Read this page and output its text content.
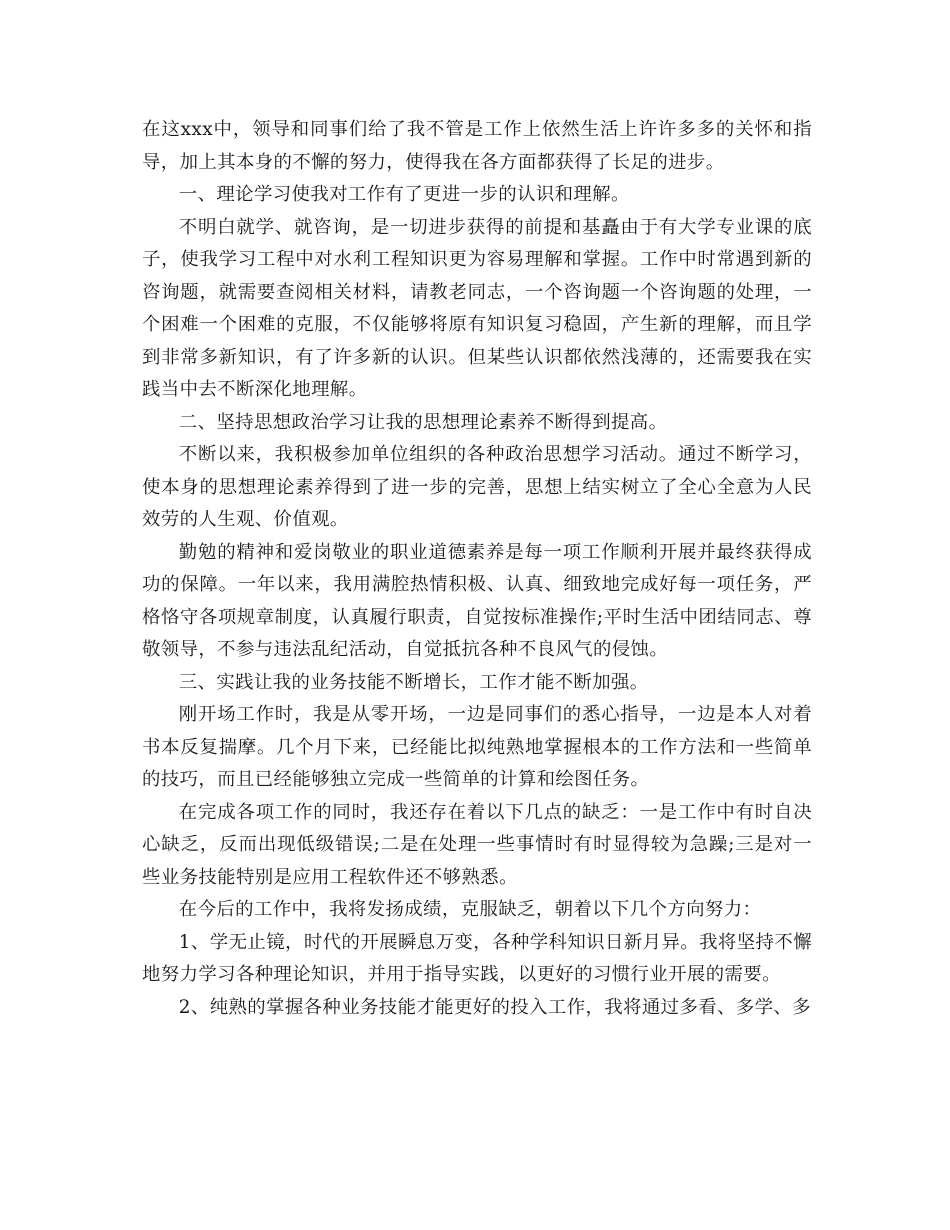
在这xxx中，领导和同事们给了我不管是工作上依然生活上许许多多的关怀和指导，加上其本身的不懈的努力，使得我在各方面都获得了长足的进步。

一、理论学习使我对工作有了更进一步的认识和理解。

不明白就学、就咨询，是一切进步获得的前提和基矗由于有大学专业课的底子，使我学习工程中对水利工程知识更为容易理解和掌握。工作中时常遇到新的咨询题，就需要查阅相关材料，请教老同志，一个咨询题一个咨询题的处理，一个困难一个困难的克服，不仅能够将原有知识复习稳固，产生新的理解，而且学到非常多新知识，有了许多新的认识。但某些认识都依然浅薄的，还需要我在实践当中去不断深化地理解。

二、坚持思想政治学习让我的思想理论素养不断得到提高。

不断以来，我积极参加单位组织的各种政治思想学习活动。通过不断学习，使本身的思想理论素养得到了进一步的完善，思想上结实树立了全心全意为人民效劳的人生观、价值观。

勤勉的精神和爱岗敬业的职业道德素养是每一项工作顺利开展并最终获得成功的保障。一年以来，我用满腔热情积极、认真、细致地完成好每一项任务，严格恪守各项规章制度，认真履行职责，自觉按标准操作;平时生活中团结同志、尊敬领导，不参与违法乱纪活动，自觉抵抗各种不良风气的侵蚀。

三、实践让我的业务技能不断增长，工作才能不断加强。

刚开场工作时，我是从零开场，一边是同事们的悉心指导，一边是本人对着书本反复揣摩。几个月下来，已经能比拟纯熟地掌握根本的工作方法和一些简单的技巧，而且已经能够独立完成一些简单的计算和绘图任务。

在完成各项工作的同时，我还存在着以下几点的缺乏：一是工作中有时自决心缺乏，反而出现低级错误;二是在处理一些事情时有时显得较为急躁;三是对一些业务技能特别是应用工程软件还不够熟悉。

在今后的工作中，我将发扬成绩，克服缺乏，朝着以下几个方向努力：

1、学无止镜，时代的开展瞬息万变，各种学科知识日新月异。我将坚持不懈地努力学习各种理论知识，并用于指导实践，以更好的习惯行业开展的需要。

2、纯熟的掌握各种业务技能才能更好的投入工作，我将通过多看、多学、多
